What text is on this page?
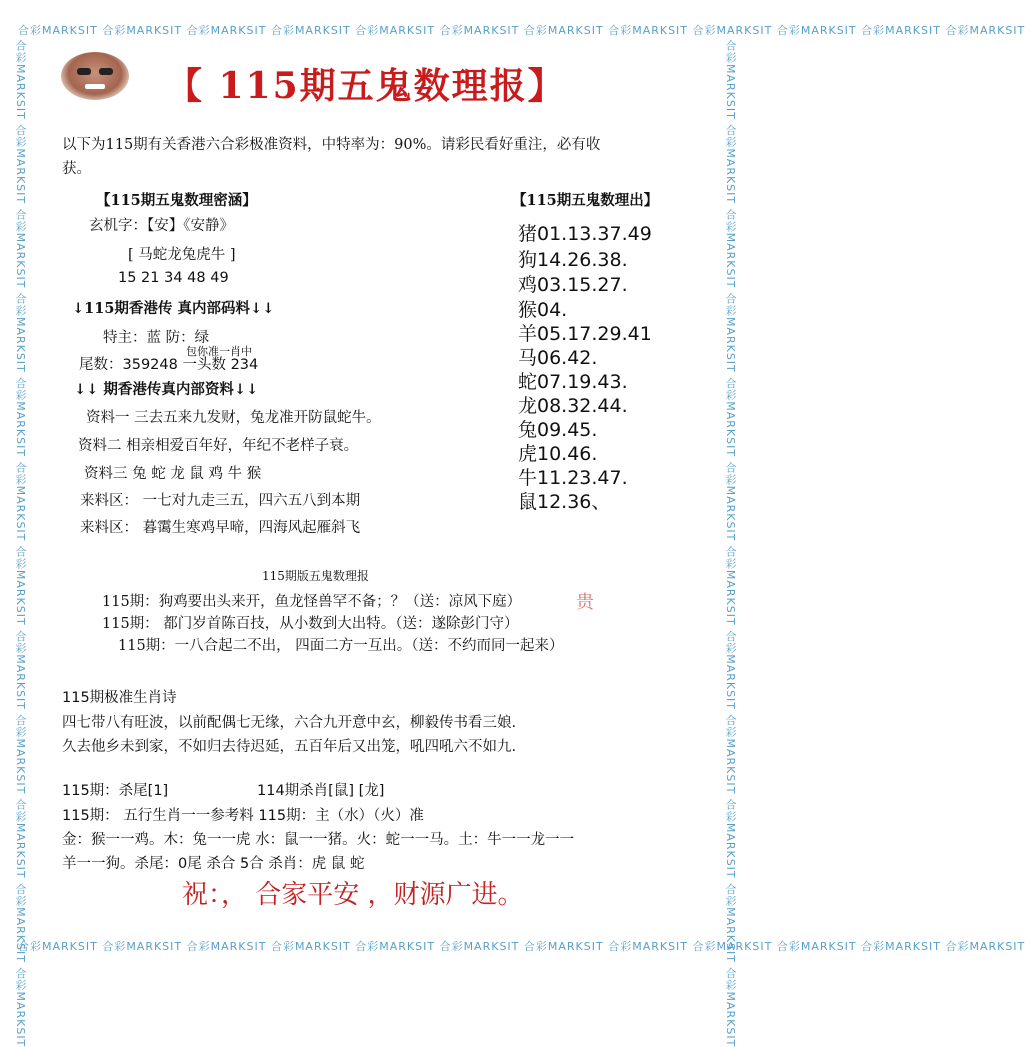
合彩MARKSIT 合彩MARKSIT 合彩MARKSIT 合彩MARKSIT 合彩MARKSIT 合彩MARKSIT 合彩MARKSIT 合彩MARKSIT 合彩MARKSIT 合彩MARKSIT 合彩MARKSIT 合彩MARKSIT
合彩MARKSIT 合彩MARKSIT 合彩MARKSIT 合彩MARKSIT 合彩MARKSIT 合彩MARKSIT 合彩MARKSIT 合彩MARKSIT 合彩MARKSIT 合彩MARKSIT 合彩MARKSIT 合彩MARKSIT
合彩MARKSIT 合彩MARKSIT 合彩MARKSIT 合彩MARKSIT 合彩MARKSIT 合彩MARKSIT 合彩MARKSIT 合彩MARKSIT 合彩MARKSIT 合彩MARKSIT 合彩MARKSIT 合彩MARKSIT	合彩MARKSIT 合彩MARKSIT 合彩MARKSIT 合彩MARKSIT 合彩MARKSIT 合彩MARKSIT 合彩MARKSIT 合彩MARKSIT 合彩MARKSIT 合彩MARKSIT 合彩MARKSIT 合彩MARKSIT
【 115期五鬼数理报】
以下为115期有关香港六合彩极准资料，中特率为：90%。请彩民看好重注，必有收
获。
【115期五鬼数理密涵】	【115期五鬼数理出】
玄机字：【安】《安静》
[ 马蛇龙兔虎牛 ]
15 21 34 48 49
↓115期香港传 真内部码料↓↓
特主：蓝 防：绿
包你准一肖中
尾数：359248 一头数 234
↓↓ 期香港传真内部资料↓↓
资料一 三去五来九发财，兔龙准开防鼠蛇牛。
资料二 相亲相爱百年好，年纪不老样子衰。
资料三 兔 蛇 龙 鼠 鸡 牛 猴
来料区： 一七对九走三五，四六五八到本期
来料区： 暮霭生寒鸡早啼，四海风起雁斜飞
猪01.13.37.49
狗14.26.38.
鸡03.15.27.
猴04.
羊05.17.29.41
马06.42.
蛇07.19.43.
龙08.32.44.
兔09.45.
虎10.46.
牛11.23.47.
鼠12.36、
115期版五鬼数理报
115期：狗鸡要出头来开，鱼龙怪兽罕不备；？（送：凉风下庭）
115期： 都门岁首陈百技，从小数到大出特。（送：遂除彭门守）
115期：一八合起二不出， 四面二方一互出。（送：不约而同一起来）
贵
115期极准生肖诗
四七带八有旺波，以前配偶七无缘，六合九开意中玄，柳毅传书看三娘.
久去他乡未到家，不如归去待迟延，五百年后又出笼，吼四吼六不如九.
115期：杀尾[1]	114期杀肖[鼠] [龙]
115期： 五行生肖一一参考料 115期：主（水）（火）准
金：猴一一鸡。木：兔一一虎 水：鼠一一猪。火：蛇一一马。土：牛一一龙一一
羊一一狗。杀尾：0尾 杀合 5合 杀肖：虎 鼠 蛇
祝：， 合家平安 ，财源广进。
